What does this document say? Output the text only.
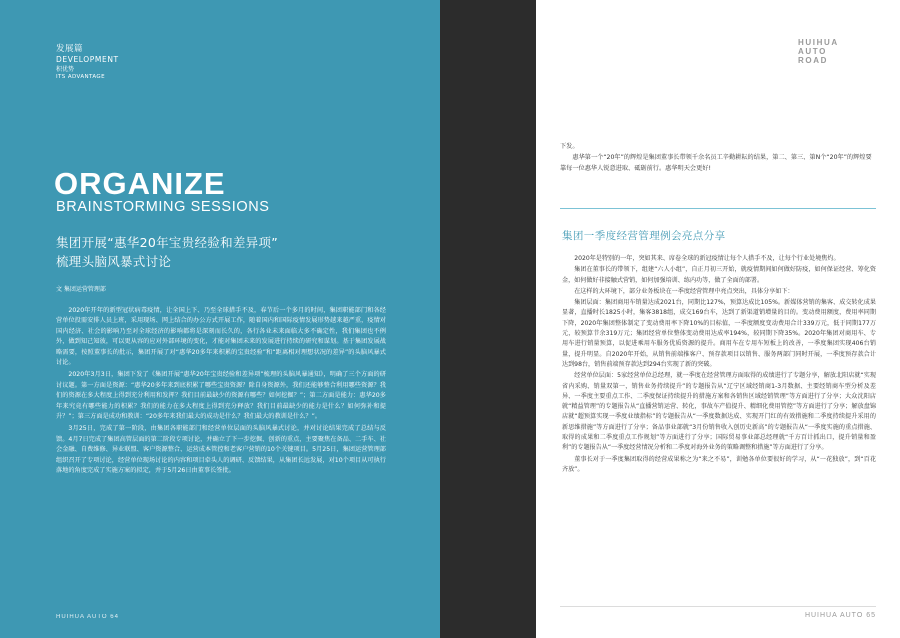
发展篇
DEVELOPMENT
积优势
ITS ADVANTAGE
ORGANIZE
BRAINSTORMING SESSIONS
集团开展“惠华20年宝贵经验和差异项”
梳理头脑风暴式讨论
文 集团运营管理部

2020年开年的新型冠状病毒疫情，让全国上下、乃至全球措手不及，春节后一个多月的时间，集团职能部门和各经营单位投需安排人员上班，采用现场、网上结合的办公方式开展工作，随着国内和国际疫情发展形势越来越严重，疫情对国内经济、社会的影响乃至对全球经济的影响都将是深刻而长久的，各行各业未来面临大多不确定性，我们集团也不例外，做到知己知彼，可以更从容的应对外部环境的变化，才能对集团未来的发展进行持续的研究和谋划。基于集团发展战略需要，按照董事长的批示，集团开展了对“惠华20多年来积累的宝贵经验”和“距离相对理想状况的差异”的头脑风暴式讨论。

2020年3月3日，集团下发了《集团开展“惠华20年宝贵经验和差异项”梳理的头脑风暴通知》，明确了三个方面的研讨议题。第一方面是资源：“惠华20多年来到底积累了哪些宝贵资源？除自身资源外，我们还能够整合利用哪些资源？我们的资源在多大程度上得到充分利用和发挥？我们目前最缺少的资源有哪些？如何挖掘？”；第二方面是能力：惠华20多年来究竟有哪些能力的积累？我们的能力在多大程度上得到充分释放？我们目前最缺少的能力是什么？如何弥补和提升？”；第三方面是成功和教训：“20多年来我们最大的成功是什么？我们最大的教训是什么？”。

3月25日，完成了第一阶段，由集团各职能部门和经营单位层面的头脑风暴式讨论，并对讨论结果完成了总结与反馈。4月7日完成了集团高管层面的第二阶段专项讨论，并确立了下一步挖掘、创新的重点，主要聚焦在备品、二手车、社会金融、自费维修、异业联盟、客户资源整合、运营成本管控和老客户营销的10个关键项目。5月25日，集团运营管理部组织召开了专项讨论，经营单位现场讨论的内容和项目牵头人的调研、反馈结果，从集团长远发展，对10个项目从可执行落地的角度完成了实施方案的拟定，并于5月26日由董事长签批。

HUIHUA AUTO 64
HUIHUA AUTO
ROAD

下发。

惠华第一个“20年”的辉煌是集团董事长带领千余名员工辛勤耕耘的结果，第二、第三、第N个“20年”的辉煌要靠每一位惠华人锐意进取、砥砺前行。惠华明天会更好!

集团一季度经营管理例会亮点分享

2020年是特别的一年，突如其来、席卷全球的新冠疫情让每个人措手不及，让每个行业处境焦灼。

集团在董事长的带领下，组建“六人小组”，自正月初三开始，就疫情期间如何做好防疫，如何保证经营、筹化资金，如何做好非接触式营销，如何加强培训、练内功等，做了全面的部署。

在这样的大环境下，部分业务板块在一季度经营管理中亮点突出，具体分享如下：

集团层面：集团商用车销量达成2021台，同期比127%，预算达成比105%。新媒体营销的集客、成交转化成果显著，直播时长1825小时，集客3818组，成交169台车，达到了新渠道销增量的目的。变动费用额度，费用率同期下降，2020年集团整体制定了变动费用率下降10%的目标值，一季度额度变动费用合计339万元，低于同期177万元，较预算节余319万元；集团经营单位整体变动费用达成率194%，较同期下降35%。2020年集团对商用车、专用车进行销量预算，以促进乘用车服务优质资源的提升。商用车在专用车短板上的改善，一季度集团实现406台销量，提升明显。自2020年开始，从销售前端推客户、预存款项目以销售、服务两部门同时开展，一季度预存款合计达到98台，销售前端预存款达到294台实现了新的突破。

经营单位层面：5家经营单位总经理，就一季度在经营管理方面取得的成绩进行了专题分享，解放北阳店就“实现省内采购、销量双第一，销售业务持续提升”的专题报告从“辽宁区域经销商1-3月数据、主要经销商车型分析及差异、一季度主要重点工作、二季度保证持续提升的措施方案和各销售区域经销管理”等方面进行了分享；大众沈阳店就“精益管理”的专题报告从“直播营销运营、转化，事故车产值提升、精细化费用管控”等方面进行了分享；解放盘锦店就“超预算实现一季度业绩指标”的专题报告从“一季度数据达成、实现开门红的有效措施和二季度持续提升采用的新思维措施”等方面进行了分享；备品事业部就“3月份销售收入创历史新高”的专题报告从“一季度实施的重点措施、取得的成果和二季度重点工作规划”等方面进行了分享；国际贸易事业部总经理就“千方百计抓出口，提升销量和盈利”的专题报告从“一季度经营情况分析和二季度对海外业务的策略调整和措施”等方面进行了分享。

董事长对于一季度集团取得的经营成果称之为“来之不易”，训勉各单位要很好的学习，从“一花独放”，到“百花齐放”。

HUIHUA AUTO 65
